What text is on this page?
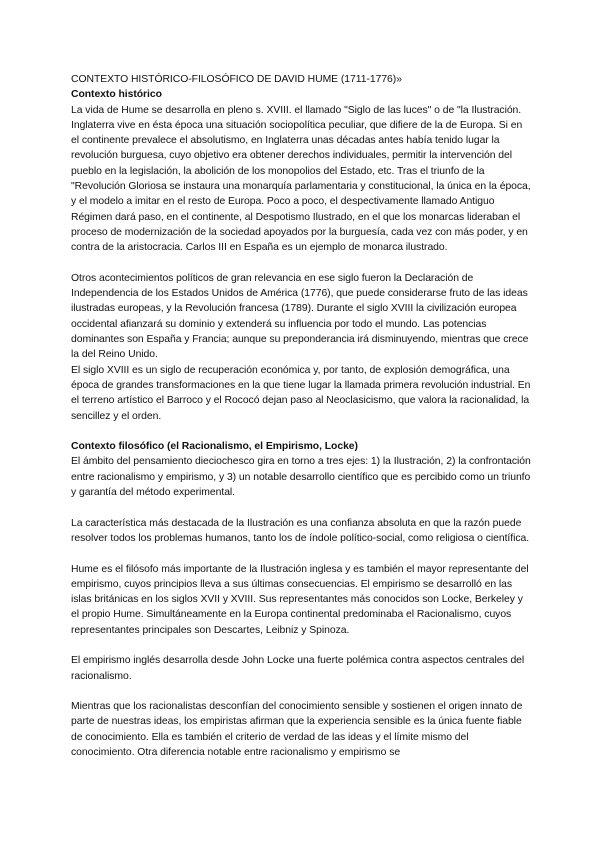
CONTEXTO HISTÓRICO-FILOSÓFICO DE DAVID HUME (1711-1776)»
Contexto histórico

La vida de Hume se desarrolla en pleno s. XVIII. el llamado "Siglo de las luces" o de "la Ilustración. Inglaterra vive en ésta época una situación sociopolítica peculiar, que difiere de la de Europa. Si en el continente prevalece el absolutismo, en Inglaterra unas décadas antes había tenido lugar la revolución burguesa, cuyo objetivo era obtener derechos individuales, permitir la intervención del pueblo en la legislación, la abolición de los monopolios del Estado, etc. Tras el triunfo de la "Revolución Gloriosa se instaura una monarquía parlamentaria y constitucional, la única en la época, y el modelo a imitar en el resto de Europa. Poco a poco, el despectivamente llamado Antiguo Régimen dará paso, en el continente, al Despotismo Ilustrado, en el que los monarcas lideraban el proceso de modernización de la sociedad apoyados por la burguesía, cada vez con más poder, y en contra de la aristocracia. Carlos III en España es un ejemplo de monarca ilustrado.

Otros acontecimientos políticos de gran relevancia en ese siglo fueron la Declaración de Independencia de los Estados Unidos de América (1776), que puede considerarse fruto de las ideas ilustradas europeas, y la Revolución francesa (1789). Durante el siglo XVIII la civilización europea occidental afianzará su dominio y extenderá su influencia por todo el mundo. Las potencias dominantes son España y Francia; aunque su preponderancia irá disminuyendo, mientras que crece la del Reino Unido.

El siglo XVIII es un siglo de recuperación económica y, por tanto, de explosión demográfica, una época de grandes transformaciones en la que tiene lugar la llamada primera revolución industrial. En el terreno artístico el Barroco y el Rococó dejan paso al Neoclasicismo, que valora la racionalidad, la sencillez y el orden.

Contexto filosófico (el Racionalismo, el Empirismo, Locke)

El ámbito del pensamiento dieciochesco gira en torno a tres ejes: 1) la Ilustración, 2) la confrontación entre racionalismo y empirismo, y 3) un notable desarrollo científico que es percibido como un triunfo y garantía del método experimental.

La característica más destacada de la Ilustración es una confianza absoluta en que la razón puede resolver todos los problemas humanos, tanto los de índole político-social, como religiosa o científica.

Hume es el filósofo más importante de la Ilustración inglesa y es también el mayor representante del empirismo, cuyos principios lleva a sus últimas consecuencias. El empirismo se desarrolló en las islas británicas en los siglos XVII y XVIII. Sus representantes más conocidos son Locke, Berkeley y el propio Hume. Simultáneamente en la Europa continental predominaba el Racionalismo, cuyos representantes principales son Descartes, Leibniz y Spinoza.

El empirismo inglés desarrolla desde John Locke una fuerte polémica contra aspectos centrales del racionalismo.

Mientras que los racionalistas desconfían del conocimiento sensible y sostienen el origen innato de parte de nuestras ideas, los empiristas afirman que la experiencia sensible es la única fuente fiable de conocimiento. Ella es también el criterio de verdad de las ideas y el límite mismo del conocimiento. Otra diferencia notable entre racionalismo y empirismo se
